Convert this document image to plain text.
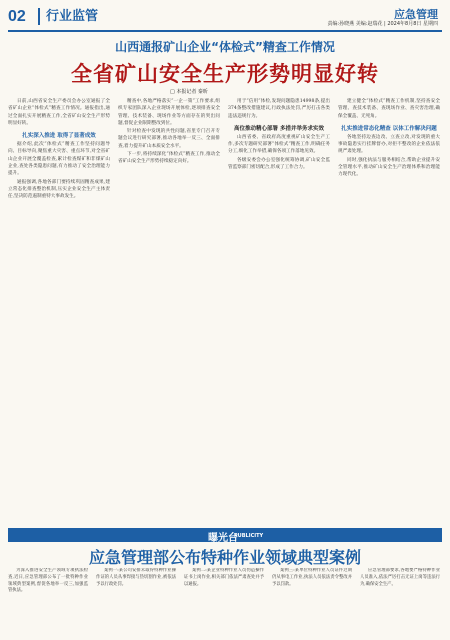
02	行业监管	应急管理
责编:孙晓燕 美编:赵瑞花 | 2024年8月8日 星期四
山西通报矿山企业“体检式”精查工作情况
全省矿山安全生产形势明显好转
□ 本报记者 秦昕

日前,山西省安全生产委员会办公室通报了全省矿山企业“体检式”精查工作情况。通报指出,通过全面扎实开展精查工作,全省矿山安全生产形势明显好转。

扎实深入推进 取得了显著成效

据介绍,此次“体检式”精查工作坚持问题导向、目标导向,聚焦重大灾害、重点环节,对全省矿山企业开展全覆盖检查,累计检查煤矿和非煤矿山企业,查处各类隐患问题,有力推动了安全治理能力提升。

通报强调,各地各部门要持续巩固精查成果,建立常态化排查整治机制,压实企业安全生产主体责任,坚决防范遏制重特大事故发生。

精查中,各地严格落实“一企一策”工作要求,组织专家团队深入企业现场开展体检,逐项排查安全管理、技术装备、现场作业等方面存在的突出问题,督促企业限期整改到位。

针对检查中发现的共性问题,省里专门召开专题会议进行研究部署,推动各地举一反三、全面排查,着力提升矿山本质安全水平。

下一步,将持续深化“体检式”精查工作,推动全省矿山安全生产形势持续稳定向好。

用于“信用”体检,发现问题隐患14998条,提出374条整改措施建议,行政执法处罚,严厉打击各类违法违规行为。

高位推动精心部署 多措并举务求实效

山西省委、省政府高度重视矿山安全生产工作,多次专题研究部署“体检式”精查工作,明确任务分工,细化工作举措,确保各项工作落地见效。

各级安委会办公室强化统筹协调,矿山安全监管监察部门密切配合,形成了工作合力。

建立健全“体检式”精查工作机制,坚持查安全管理、查技术装备、查现场作业、查灾害治理,确保全覆盖、无死角。

扎实推进常态化精查 以体工作解决问题

各地坚持边查边改、立查立改,对发现的重大事故隐患实行挂牌督办,对拒不整改的企业依法依规严肃处理。

同时,强化执法与服务相结合,帮助企业提升安全管理水平,推动矿山安全生产治理体系和治理能力现代化。

曝光台
PUBLICITY
应急管理部公布特种作业领域典型案例

为深入推进安全生产领域专项执法检查,近日,应急管理部公布了一批特种作业领域典型案例,督促各地举一反三,加强监管执法。

案例一:某公司安排未取得特种作业操作证的人员从事焊接与热切割作业,被依法予以行政处罚。

案例二:某企业特种作业人员伪造操作证书上岗作业,相关部门依法严肃查处并予以通报。

案例三:某单位特种作业人员证件过期仍从事电工作业,执法人员依法责令整改并予以罚款。

应急管理部要求,各地要严格特种作业人员准入,依法严厉打击无证上岗等违法行为,确保安全生产。
